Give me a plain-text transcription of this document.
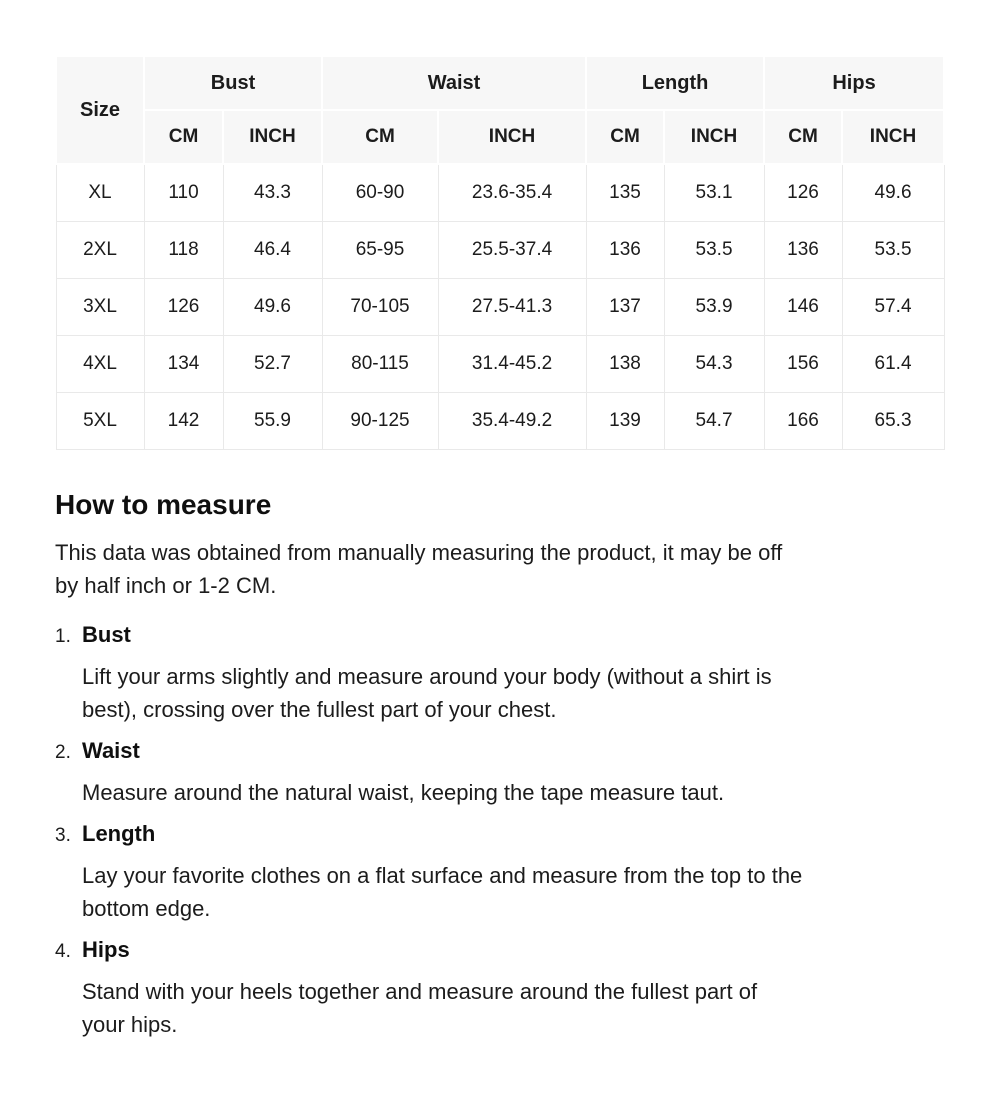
Size	Bust		Waist		Length		Hips	
	CM	INCH	CM	INCH	CM	INCH	CM	INCH
XL	110	43.3	60-90	23.6-35.4	135	53.1	126	49.6
2XL	118	46.4	65-95	25.5-37.4	136	53.5	136	53.5
3XL	126	49.6	70-105	27.5-41.3	137	53.9	146	57.4
4XL	134	52.7	80-115	31.4-45.2	138	54.3	156	61.4
5XL	142	55.9	90-125	35.4-49.2	139	54.7	166	65.3
How to measure
This data was obtained from manually measuring the product, it may be off
by half inch or 1-2 CM.
1. Bust
Lift your arms slightly and measure around your body (without a shirt is
best), crossing over the fullest part of your chest.
2. Waist
Measure around the natural waist, keeping the tape measure taut.
3. Length
Lay your favorite clothes on a flat surface and measure from the top to the
bottom edge.
4. Hips
Stand with your heels together and measure around the fullest part of
your hips.
